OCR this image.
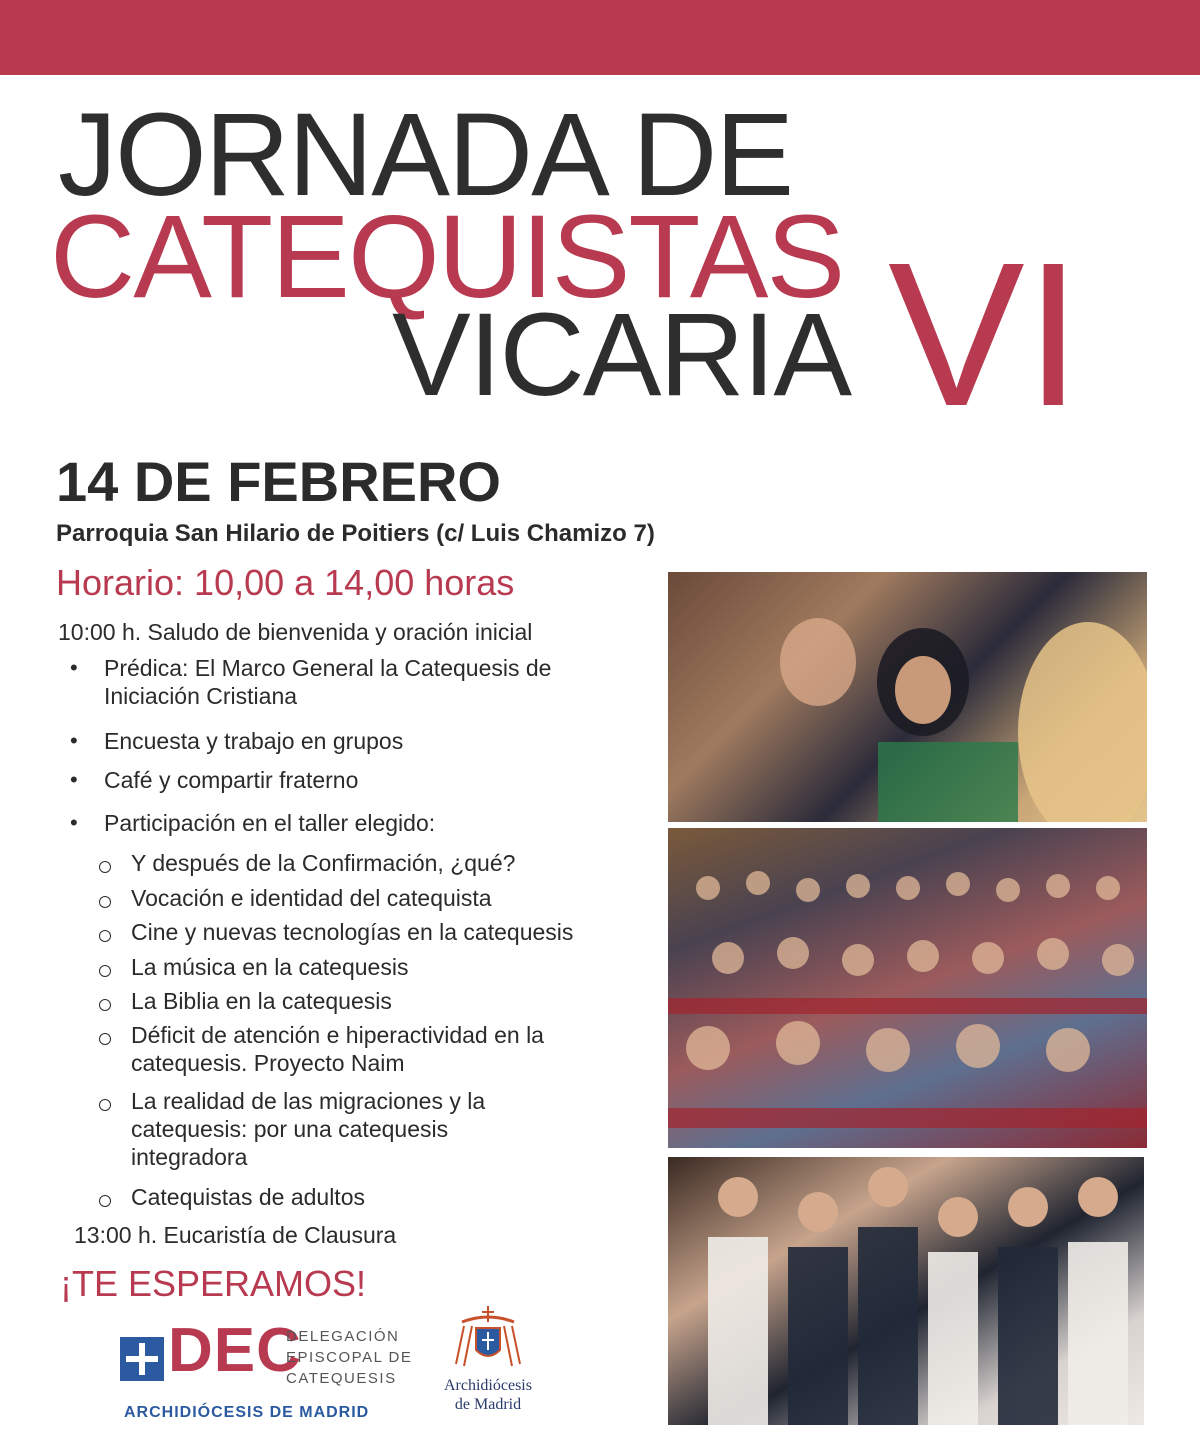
JORNADA DE
CATEQUISTAS
VICARIA VI
14 DE FEBRERO
Parroquia San Hilario de Poitiers (c/ Luis Chamizo 7)
Horario: 10,00 a 14,00 horas
10:00 h. Saludo de bienvenida y oración inicial
• Prédica: El Marco General la Catequesis de Iniciación Cristiana
• Encuesta y trabajo en grupos
• Café y compartir fraterno
• Participación en el taller elegido:
Y después de la Confirmación, ¿qué?
Vocación e identidad del catequista
Cine y nuevas tecnologías en la catequesis
La música en la catequesis
La Biblia en la catequesis
Déficit de atención e hiperactividad en la catequesis. Proyecto Naim
La realidad de las migraciones y la catequesis: por una catequesis integradora
Catequistas de adultos
13:00 h. Eucaristía de Clausura
¡TE ESPERAMOS!
DEC
DELEGACIÓN
EPISCOPAL DE
CATEQUESIS
ARCHIDIÓCESIS DE MADRID
Archidiócesis
de Madrid
